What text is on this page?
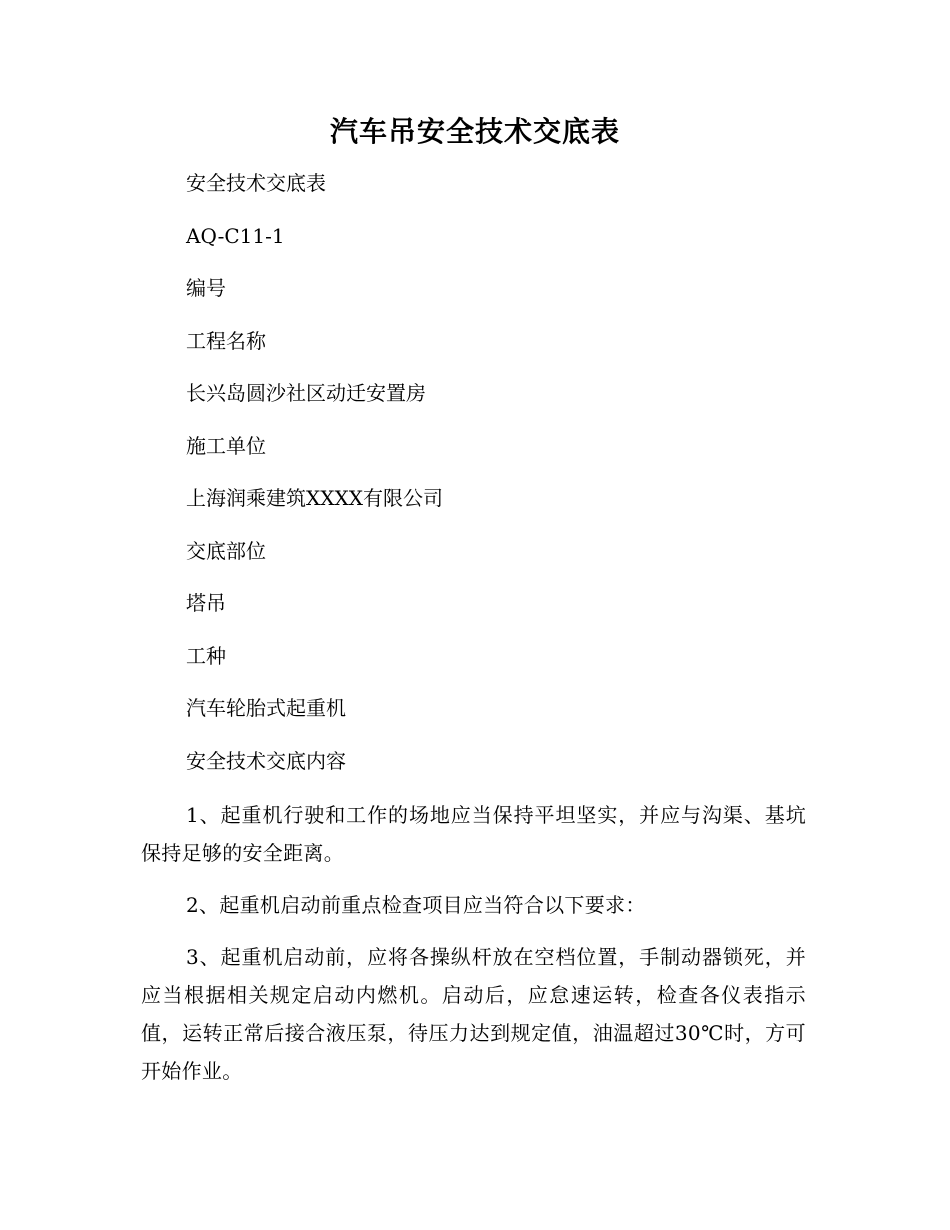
汽车吊安全技术交底表

安全技术交底表

AQ-C11-1

编号

工程名称

长兴岛圆沙社区动迁安置房

施工单位

上海润乘建筑XXXX有限公司

交底部位

塔吊

工种

汽车轮胎式起重机

安全技术交底内容

1、起重机行驶和工作的场地应当保持平坦坚实，并应与沟渠、基坑保持足够的安全距离。

2、起重机启动前重点检查项目应当符合以下要求：

3、起重机启动前，应将各操纵杆放在空档位置，手制动器锁死，并应当根据相关规定启动内燃机。启动后，应怠速运转，检查各仪表指示值，运转正常后接合液压泵，待压力达到规定值，油温超过30℃时，方可开始作业。
